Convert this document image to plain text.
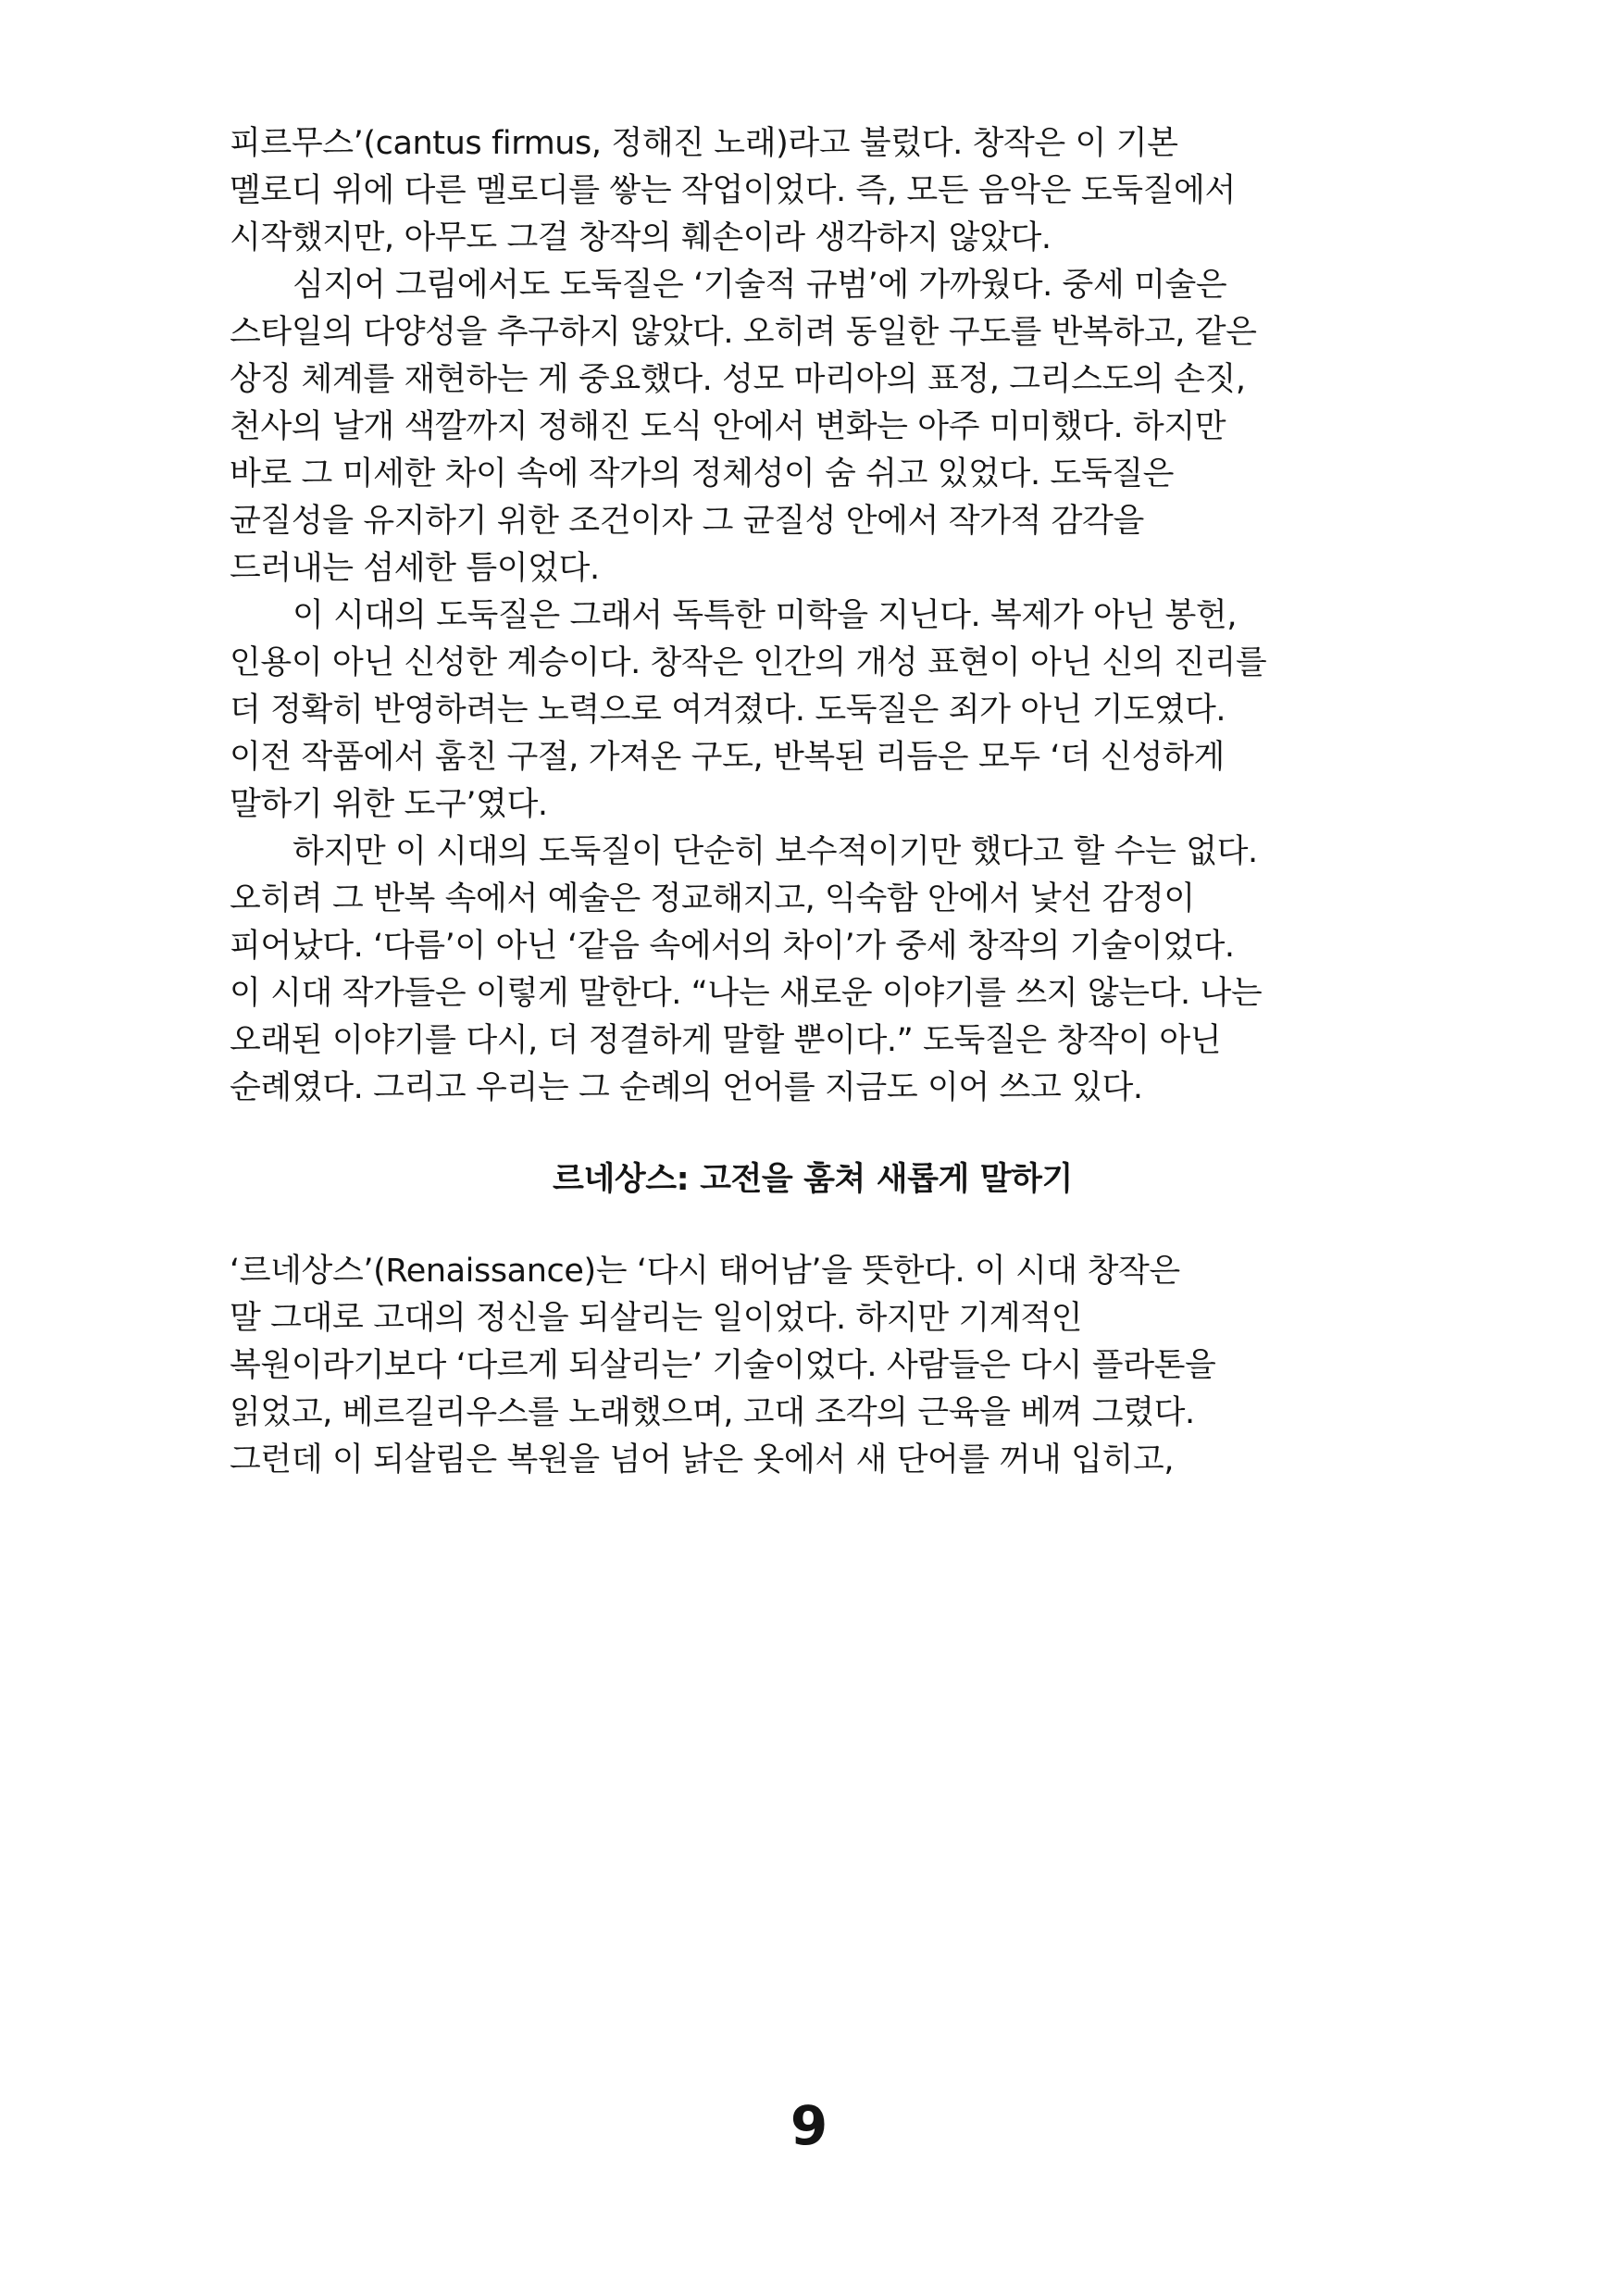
피르무스’(cantus firmus, 정해진 노래)라고 불렀다. 창작은 이 기본
멜로디 위에 다른 멜로디를 쌓는 작업이었다. 즉, 모든 음악은 도둑질에서
시작했지만, 아무도 그걸 창작의 훼손이라 생각하지 않았다.
심지어 그림에서도 도둑질은 ‘기술적 규범’에 가까웠다. 중세 미술은
스타일의 다양성을 추구하지 않았다. 오히려 동일한 구도를 반복하고, 같은
상징 체계를 재현하는 게 중요했다. 성모 마리아의 표정, 그리스도의 손짓,
천사의 날개 색깔까지 정해진 도식 안에서 변화는 아주 미미했다. 하지만
바로 그 미세한 차이 속에 작가의 정체성이 숨 쉬고 있었다. 도둑질은
균질성을 유지하기 위한 조건이자 그 균질성 안에서 작가적 감각을
드러내는 섬세한 틈이었다.
이 시대의 도둑질은 그래서 독특한 미학을 지닌다. 복제가 아닌 봉헌,
인용이 아닌 신성한 계승이다. 창작은 인간의 개성 표현이 아닌 신의 진리를
더 정확히 반영하려는 노력으로 여겨졌다. 도둑질은 죄가 아닌 기도였다.
이전 작품에서 훔친 구절, 가져온 구도, 반복된 리듬은 모두 ‘더 신성하게
말하기 위한 도구’였다.
하지만 이 시대의 도둑질이 단순히 보수적이기만 했다고 할 수는 없다.
오히려 그 반복 속에서 예술은 정교해지고, 익숙함 안에서 낯선 감정이
피어났다. ‘다름’이 아닌 ‘같음 속에서의 차이’가 중세 창작의 기술이었다.
이 시대 작가들은 이렇게 말한다. “나는 새로운 이야기를 쓰지 않는다. 나는
오래된 이야기를 다시, 더 정결하게 말할 뿐이다.” 도둑질은 창작이 아닌
순례였다. 그리고 우리는 그 순례의 언어를 지금도 이어 쓰고 있다.
르네상스: 고전을 훔쳐 새롭게 말하기
‘르네상스’(Renaissance)는 ‘다시 태어남’을 뜻한다. 이 시대 창작은
말 그대로 고대의 정신을 되살리는 일이었다. 하지만 기계적인
복원이라기보다 ‘다르게 되살리는’ 기술이었다. 사람들은 다시 플라톤을
읽었고, 베르길리우스를 노래했으며, 고대 조각의 근육을 베껴 그렸다.
그런데 이 되살림은 복원을 넘어 낡은 옷에서 새 단어를 꺼내 입히고,
9
